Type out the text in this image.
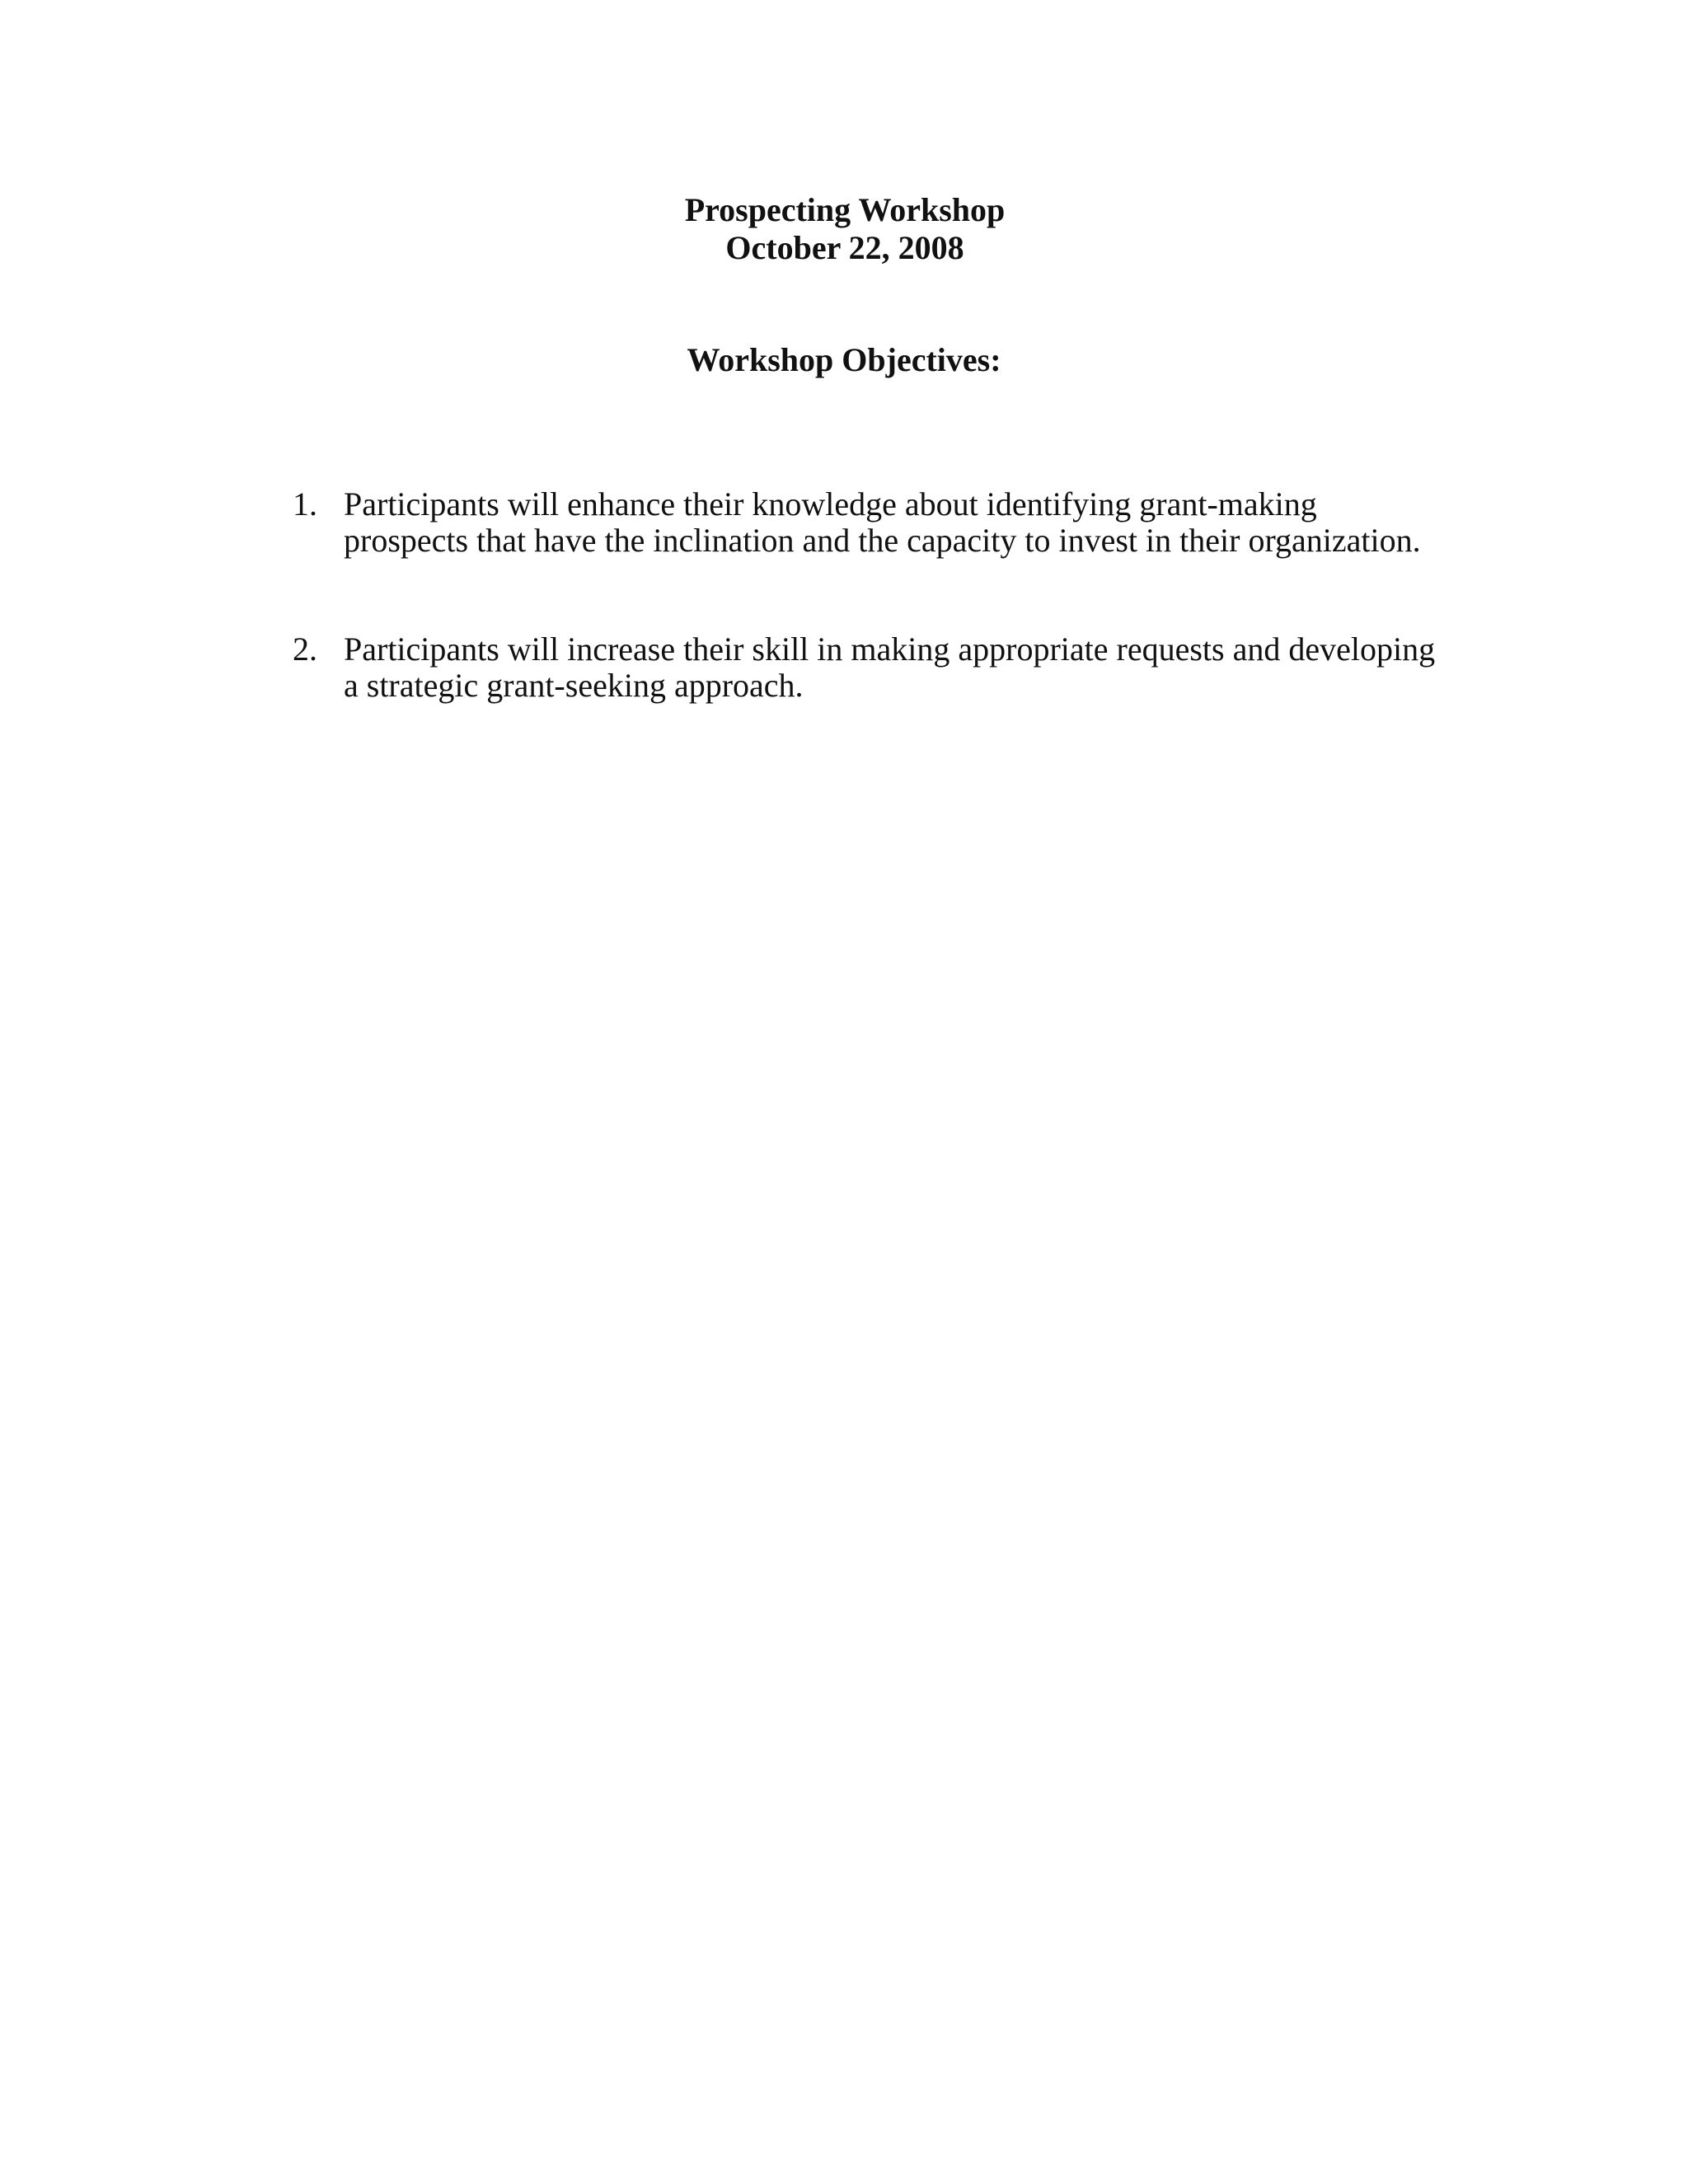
Prospecting Workshop
October 22, 2008
Workshop Objectives:
1. Participants will enhance their knowledge about identifying grant-making prospects that have the inclination and the capacity to invest in their organization.
2. Participants will increase their skill in making appropriate requests and developing a strategic grant-seeking approach.
